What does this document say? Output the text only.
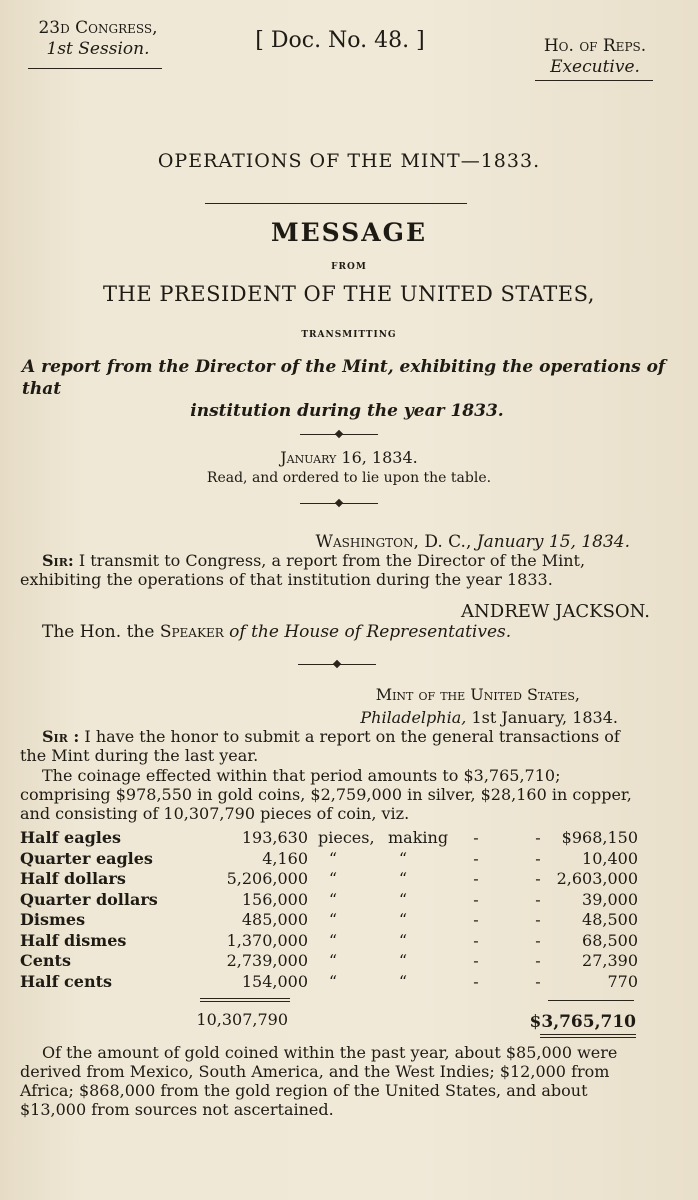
23d Congress,
1st Session.	[ Doc. No. 48. ]	Ho. of Reps.
Executive.
OPERATIONS OF THE MINT—1833.
MESSAGE
FROM
THE PRESIDENT OF THE UNITED STATES,
TRANSMITTING
A report from the Director of the Mint, exhibiting the operations of that
institution during the year 1833.
January 16, 1834.
Read, and ordered to lie upon the table.
Washington, D. C., January 15, 1834.
Sir: I transmit to Congress, a report from the Director of the Mint, exhibiting the operations of that institution during the year 1833.
ANDREW JACKSON.
The Hon. the Speaker of the House of Representatives.
Mint of the United States,
Philadelphia, 1st January, 1834.
Sir : I have the honor to submit a report on the general transactions of the Mint during the last year.
The coinage effected within that period amounts to $3,765,710; comprising $978,550 in gold coins, $2,759,000 in silver, $28,160 in copper, and consisting of 10,307,790 pieces of coin, viz.
Half eagles	193,630 pieces, making	-	-	$968,150
Quarter eagles	4,160	“	“	-	-	10,400
Half dollars	5,206,000	“	“	-	- 2,603,000
Quarter dollars	156,000	“	“	-	-	39,000
Dismes	485,000	“	“	-	-	48,500
Half dismes	1,370,000	“	“	-	-	68,500
Cents	2,739,000	“	“	-	-	27,390
Half cents	154,000	“	“	-	-	770
10,307,790	$3,765,710
Of the amount of gold coined within the past year, about $85,000 were derived from Mexico, South America, and the West Indies; $12,000 from Africa; $868,000 from the gold region of the United States, and about $13,000 from sources not ascertained.
